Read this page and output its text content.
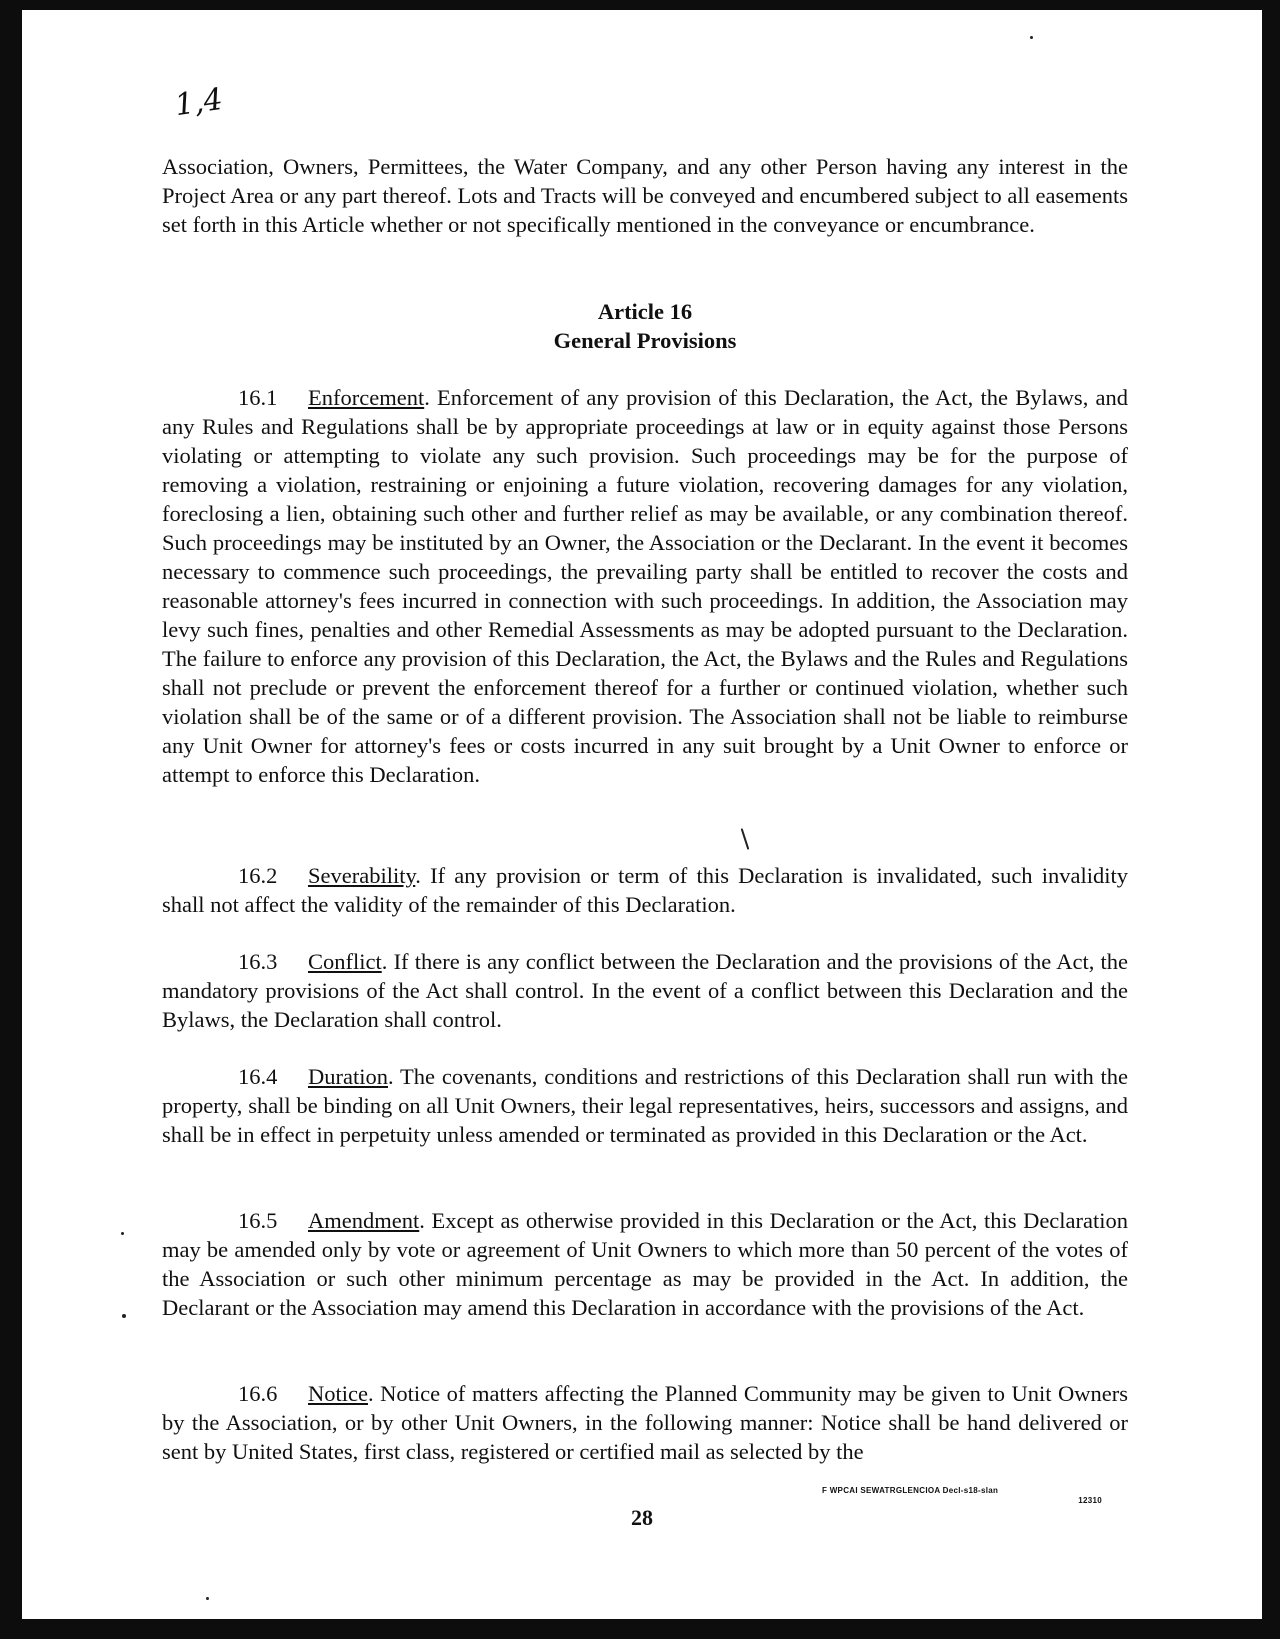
1,4

Association, Owners, Permittees, the Water Company, and any other Person having any interest in the Project Area or any part thereof. Lots and Tracts will be conveyed and encumbered subject to all easements set forth in this Article whether or not specifically mentioned in the conveyance or encumbrance.

Article 16
General Provisions

16.1 Enforcement. Enforcement of any provision of this Declaration, the Act, the Bylaws, and any Rules and Regulations shall be by appropriate proceedings at law or in equity against those Persons violating or attempting to violate any such provision. Such proceedings may be for the purpose of removing a violation, restraining or enjoining a future violation, recovering damages for any violation, foreclosing a lien, obtaining such other and further relief as may be available, or any combination thereof. Such proceedings may be instituted by an Owner, the Association or the Declarant. In the event it becomes necessary to commence such proceedings, the prevailing party shall be entitled to recover the costs and reasonable attorney's fees incurred in connection with such proceedings. In addition, the Association may levy such fines, penalties and other Remedial Assessments as may be adopted pursuant to the Declaration. The failure to enforce any provision of this Declaration, the Act, the Bylaws and the Rules and Regulations shall not preclude or prevent the enforcement thereof for a further or continued violation, whether such violation shall be of the same or of a different provision. The Association shall not be liable to reimburse any Unit Owner for attorney's fees or costs incurred in any suit brought by a Unit Owner to enforce or attempt to enforce this Declaration.

16.2 Severability. If any provision or term of this Declaration is invalidated, such invalidity shall not affect the validity of the remainder of this Declaration.

16.3 Conflict. If there is any conflict between the Declaration and the provisions of the Act, the mandatory provisions of the Act shall control. In the event of a conflict between this Declaration and the Bylaws, the Declaration shall control.

16.4 Duration. The covenants, conditions and restrictions of this Declaration shall run with the property, shall be binding on all Unit Owners, their legal representatives, heirs, successors and assigns, and shall be in effect in perpetuity unless amended or terminated as provided in this Declaration or the Act.

16.5 Amendment. Except as otherwise provided in this Declaration or the Act, this Declaration may be amended only by vote or agreement of Unit Owners to which more than 50 percent of the votes of the Association or such other minimum percentage as may be provided in the Act. In addition, the Declarant or the Association may amend this Declaration in accordance with the provisions of the Act.

16.6 Notice. Notice of matters affecting the Planned Community may be given to Unit Owners by the Association, or by other Unit Owners, in the following manner: Notice shall be hand delivered or sent by United States, first class, registered or certified mail as selected by the

F WPCAI SEWATRGLENCIOA Decl-s18-slan
12310
28
